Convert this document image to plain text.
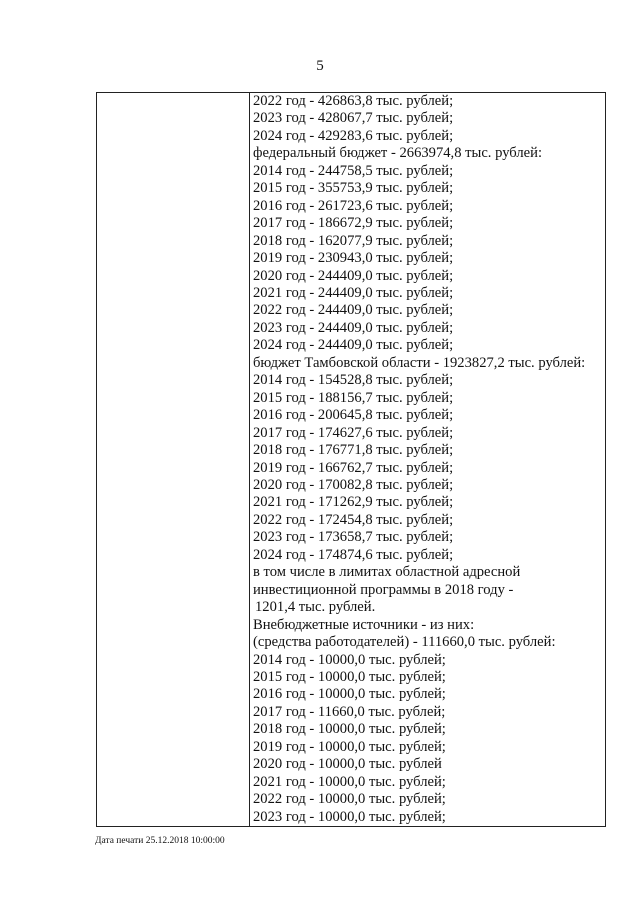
5
2022 год - 426863,8 тыс. рублей;
2023 год - 428067,7 тыс. рублей;
2024 год - 429283,6 тыс. рублей;
федеральный бюджет - 2663974,8 тыс. рублей:
2014 год - 244758,5 тыс. рублей;
2015 год - 355753,9 тыс. рублей;
2016 год - 261723,6 тыс. рублей;
2017 год - 186672,9 тыс. рублей;
2018 год - 162077,9 тыс. рублей;
2019 год - 230943,0 тыс. рублей;
2020 год - 244409,0 тыс. рублей;
2021 год - 244409,0 тыс. рублей;
2022 год - 244409,0 тыс. рублей;
2023 год - 244409,0 тыс. рублей;
2024 год - 244409,0 тыс. рублей;
бюджет Тамбовской области - 1923827,2 тыс. рублей:
2014 год - 154528,8 тыс. рублей;
2015 год - 188156,7 тыс. рублей;
2016 год - 200645,8 тыс. рублей;
2017 год - 174627,6 тыс. рублей;
2018 год - 176771,8 тыс. рублей;
2019 год - 166762,7 тыс. рублей;
2020 год - 170082,8 тыс. рублей;
2021 год - 171262,9 тыс. рублей;
2022 год - 172454,8 тыс. рублей;
2023 год - 173658,7 тыс. рублей;
2024 год - 174874,6 тыс. рублей;
в том числе в лимитах областной адресной
инвестиционной программы в 2018 году -
1201,4 тыс. рублей.
Внебюджетные источники - из них:
(средства работодателей) - 111660,0 тыс. рублей:
2014 год - 10000,0 тыс. рублей;
2015 год - 10000,0 тыс. рублей;
2016 год - 10000,0 тыс. рублей;
2017 год - 11660,0 тыс. рублей;
2018 год - 10000,0 тыс. рублей;
2019 год - 10000,0 тыс. рублей;
2020 год - 10000,0 тыс. рублей
2021 год - 10000,0 тыс. рублей;
2022 год - 10000,0 тыс. рублей;
2023 год - 10000,0 тыс. рублей;
Дата печати 25.12.2018 10:00:00
